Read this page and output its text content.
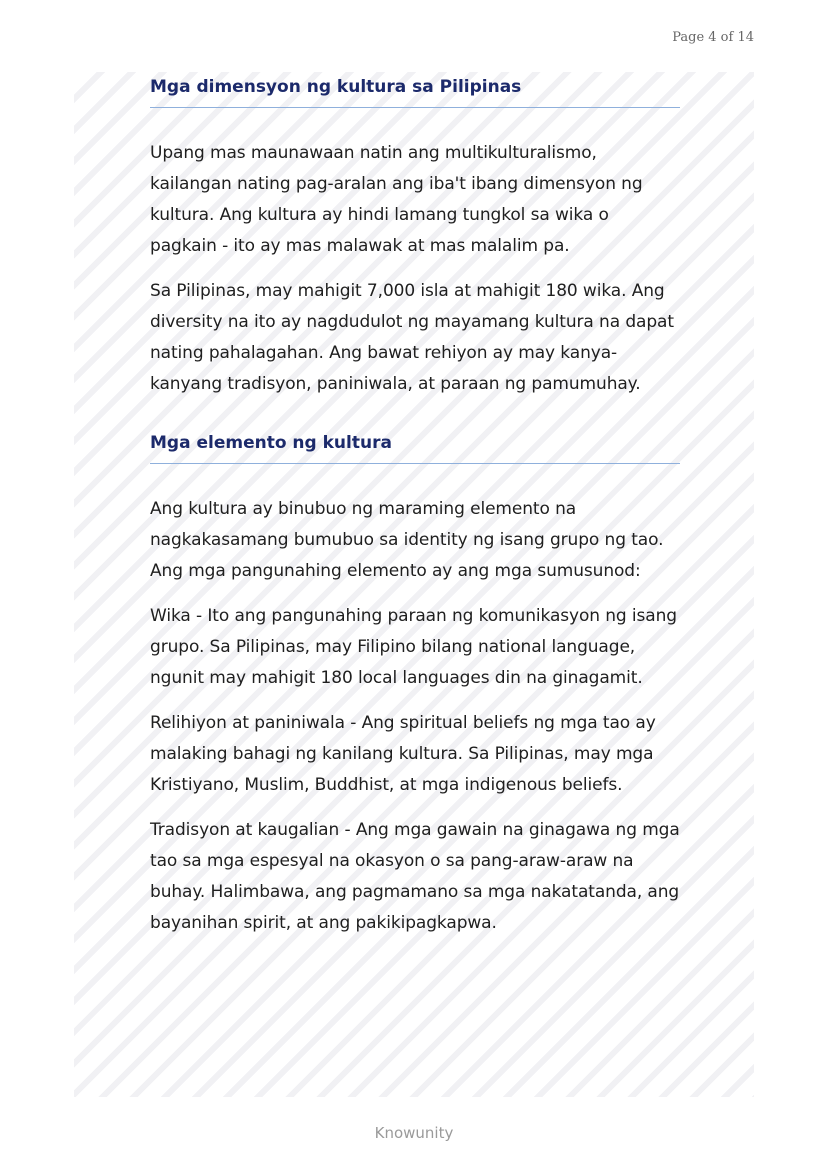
Page 4 of 14
Mga dimensyon ng kultura sa Pilipinas

Upang mas maunawaan natin ang multikulturalismo, kailangan nating pag-aralan ang iba't ibang dimensyon ng kultura. Ang kultura ay hindi lamang tungkol sa wika o pagkain - ito ay mas malawak at mas malalim pa.

Sa Pilipinas, may mahigit 7,000 isla at mahigit 180 wika. Ang diversity na ito ay nagdudulot ng mayamang kultura na dapat nating pahalagahan. Ang bawat rehiyon ay may kanya-kanyang tradisyon, paniniwala, at paraan ng pamumuhay.

Mga elemento ng kultura

Ang kultura ay binubuo ng maraming elemento na nagkakasamang bumubuo sa identity ng isang grupo ng tao. Ang mga pangunahing elemento ay ang mga sumusunod:

Wika - Ito ang pangunahing paraan ng komunikasyon ng isang grupo. Sa Pilipinas, may Filipino bilang national language, ngunit may mahigit 180 local languages din na ginagamit.

Relihiyon at paniniwala - Ang spiritual beliefs ng mga tao ay malaking bahagi ng kanilang kultura. Sa Pilipinas, may mga Kristiyano, Muslim, Buddhist, at mga indigenous beliefs.

Tradisyon at kaugalian - Ang mga gawain na ginagawa ng mga tao sa mga espesyal na okasyon o sa pang-araw-araw na buhay. Halimbawa, ang pagmamano sa mga nakatatanda, ang bayanihan spirit, at ang pakikipagkapwa.

Knowunity
